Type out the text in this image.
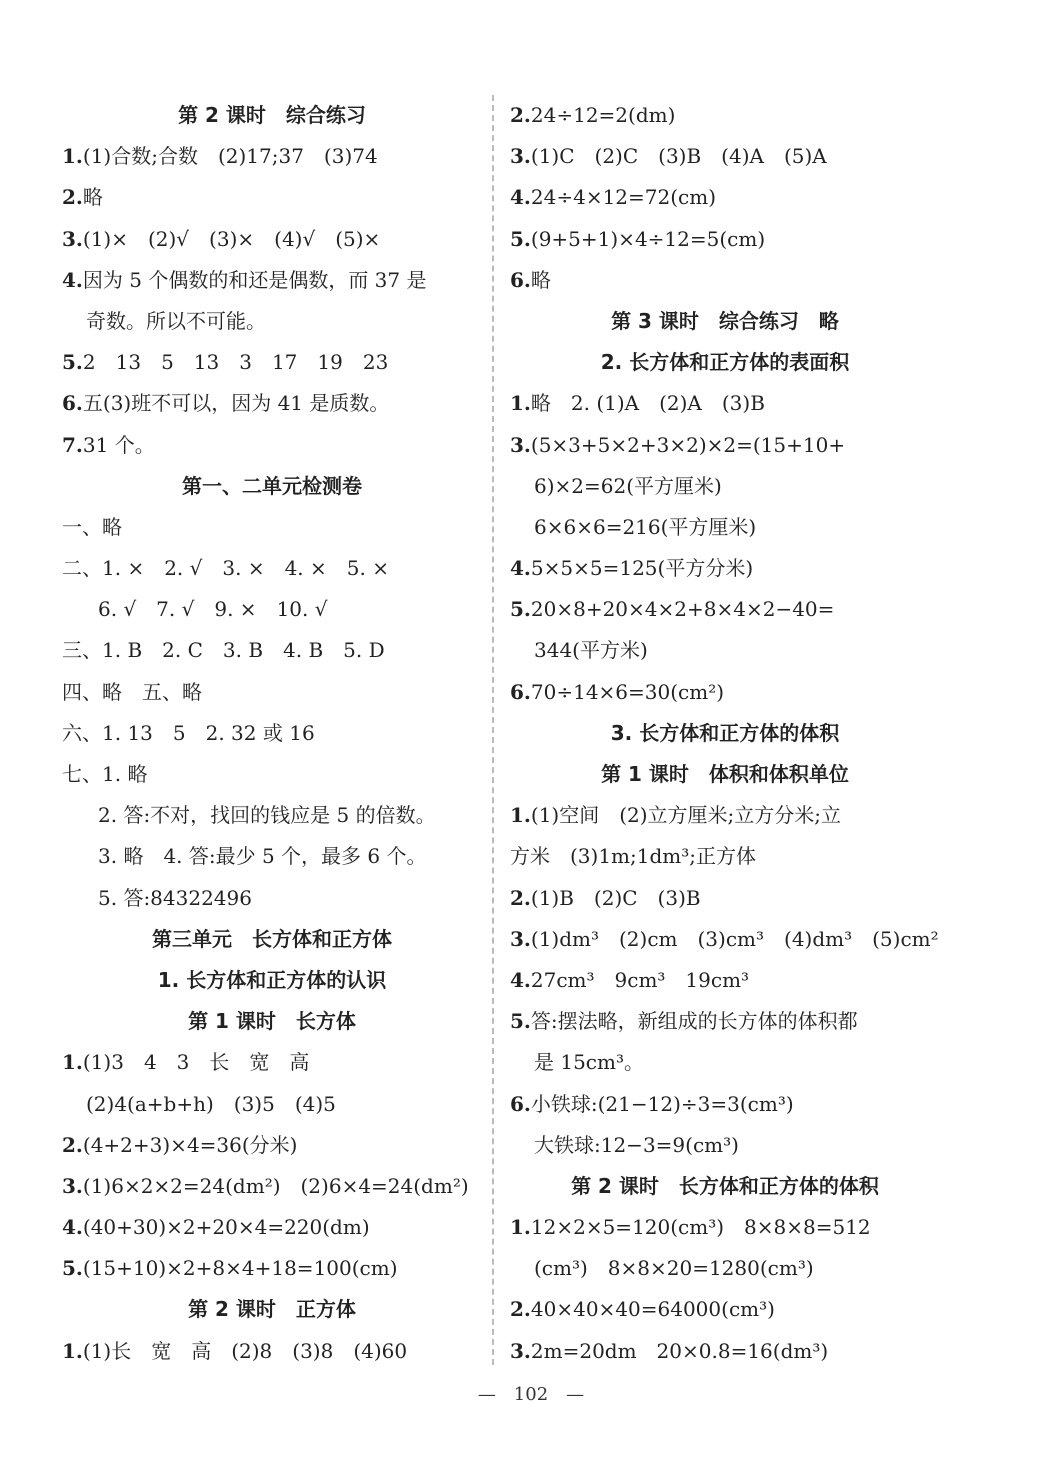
第 2 课时　综合练习
1.(1)合数;合数　(2)17;37　(3)74
2.略
3.(1)×　(2)√　(3)×　(4)√　(5)×
4.因为 5 个偶数的和还是偶数，而 37 是
奇数。所以不可能。
5.2　13　5　13　3　17　19　23
6.五(3)班不可以，因为 41 是质数。
7.31 个。
第一、二单元检测卷
一、略
二、1. ×　2. √　3. ×　4. ×　5. ×
6. √　7. √　9. ×　10. √
三、1. B　2. C　3. B　4. B　5. D
四、略　五、略
六、1. 13　5　2. 32 或 16
七、1. 略
2. 答:不对，找回的钱应是 5 的倍数。
3. 略　4. 答:最少 5 个，最多 6 个。
5. 答:84322496
第三单元　长方体和正方体
1. 长方体和正方体的认识
第 1 课时　长方体
1.(1)3　4　3　长　宽　高
(2)4(a+b+h)　(3)5　(4)5
2.(4+2+3)×4=36(分米)
3.(1)6×2×2=24(dm²)　(2)6×4=24(dm²)
4.(40+30)×2+20×4=220(dm)
5.(15+10)×2+8×4+18=100(cm)
第 2 课时　正方体
1.(1)长　宽　高　(2)8　(3)8　(4)60
2.24÷12=2(dm)
3.(1)C　(2)C　(3)B　(4)A　(5)A
4.24÷4×12=72(cm)
5.(9+5+1)×4÷12=5(cm)
6.略
第 3 课时　综合练习　略
2. 长方体和正方体的表面积
1.略　2. (1)A　(2)A　(3)B
3.(5×3+5×2+3×2)×2=(15+10+
6)×2=62(平方厘米)
6×6×6=216(平方厘米)
4.5×5×5=125(平方分米)
5.20×8+20×4×2+8×4×2−40=
344(平方米)
6.70÷14×6=30(cm²)
3. 长方体和正方体的体积
第 1 课时　体积和体积单位
1.(1)空间　(2)立方厘米;立方分米;立
方米　(3)1m;1dm³;正方体
2.(1)B　(2)C　(3)B
3.(1)dm³　(2)cm　(3)cm³　(4)dm³　(5)cm²
4.27cm³　9cm³　19cm³
5.答:摆法略，新组成的长方体的体积都
是 15cm³。
6.小铁球:(21−12)÷3=3(cm³)
大铁球:12−3=9(cm³)
第 2 课时　长方体和正方体的体积
1.12×2×5=120(cm³)　8×8×8=512
(cm³)　8×8×20=1280(cm³)
2.40×40×40=64000(cm³)
3.2m=20dm　20×0.8=16(dm³)
—　102　—
